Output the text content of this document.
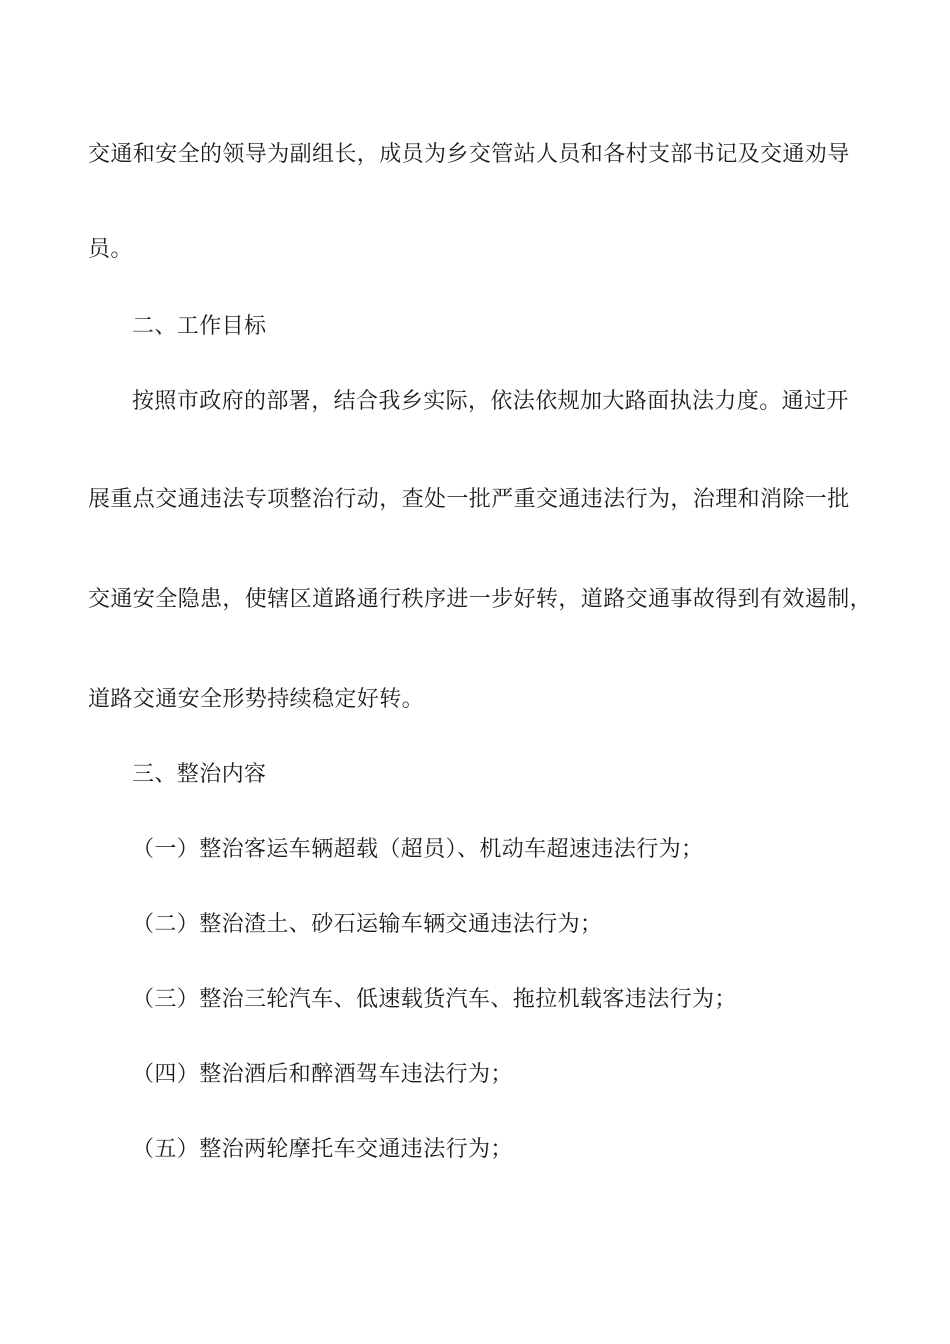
交通和安全的领导为副组长，成员为乡交管站人员和各村支部书记及交通劝导
员。
二、工作目标
按照市政府的部署，结合我乡实际，依法依规加大路面执法力度。通过开
展重点交通违法专项整治行动，查处一批严重交通违法行为，治理和消除一批
交通安全隐患，使辖区道路通行秩序进一步好转，道路交通事故得到有效遏制，
道路交通安全形势持续稳定好转。
三、整治内容
（一）整治客运车辆超载（超员）、机动车超速违法行为；
（二）整治渣土、砂石运输车辆交通违法行为；
（三）整治三轮汽车、低速载货汽车、拖拉机载客违法行为；
（四）整治酒后和醉酒驾车违法行为；
（五）整治两轮摩托车交通违法行为；
